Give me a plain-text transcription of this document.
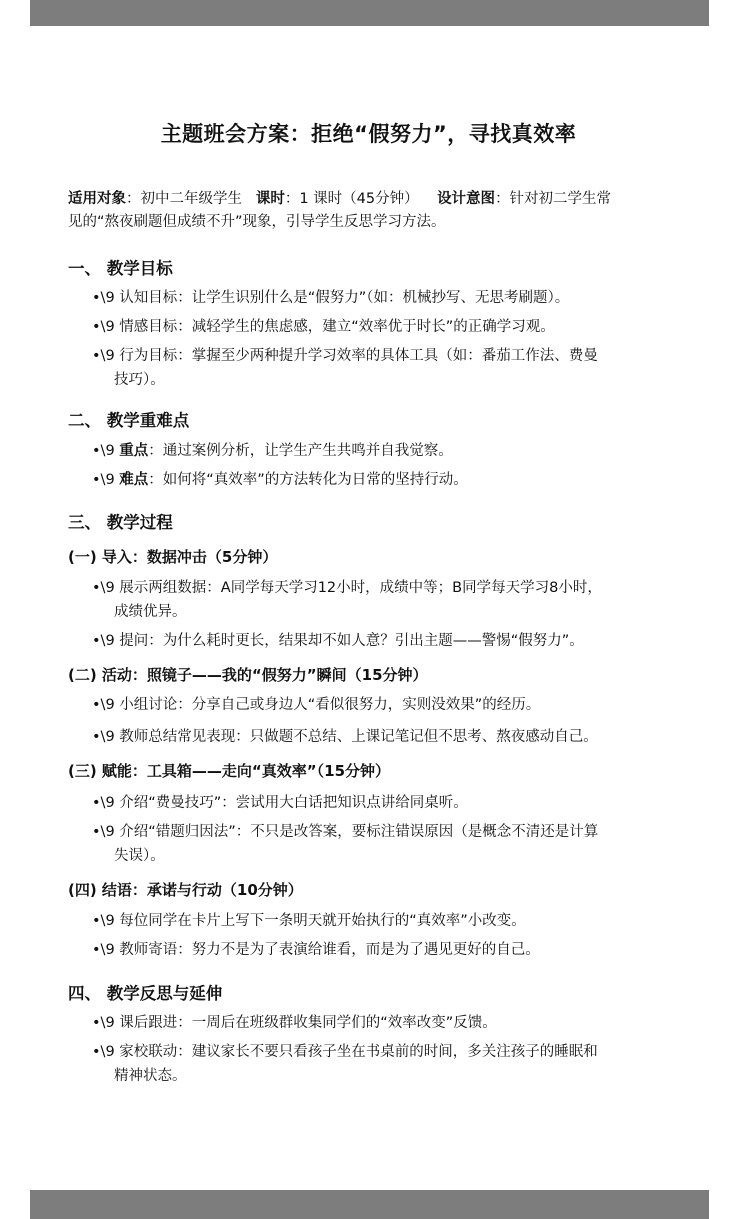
主题班会方案：拒绝“假努力”，寻找真效率
适用对象：初中二年级学生 课时：1 课时（45分钟） 设计意图：针对初二学生常
见的“熬夜刷题但成绩不升”现象，引导学生反思学习方法。
一、 教学目标
•\9 认知目标：让学生识别什么是“假努力”（如：机械抄写、无思考刷题）。
•\9 情感目标：减轻学生的焦虑感，建立“效率优于时长”的正确学习观。
•\9 行为目标：掌握至少两种提升学习效率的具体工具（如：番茄工作法、费曼
技巧）。
二、 教学重难点
•\9 重点：通过案例分析，让学生产生共鸣并自我觉察。
•\9 难点：如何将“真效率”的方法转化为日常的坚持行动。
三、 教学过程
(一) 导入：数据冲击（5分钟）
•\9 展示两组数据：A同学每天学习12小时，成绩中等；B同学每天学习8小时，
成绩优异。
•\9 提问：为什么耗时更长，结果却不如人意？引出主题——警惕“假努力”。
(二) 活动：照镜子——我的“假努力”瞬间（15分钟）
•\9 小组讨论：分享自己或身边人“看似很努力，实则没效果”的经历。
•\9 教师总结常见表现：只做题不总结、上课记笔记但不思考、熬夜感动自己。
(三) 赋能：工具箱——走向“真效率”（15分钟）
•\9 介绍“费曼技巧”：尝试用大白话把知识点讲给同桌听。
•\9 介绍“错题归因法”：不只是改答案，要标注错误原因（是概念不清还是计算
失误）。
(四) 结语：承诺与行动（10分钟）
•\9 每位同学在卡片上写下一条明天就开始执行的“真效率”小改变。
•\9 教师寄语：努力不是为了表演给谁看，而是为了遇见更好的自己。
四、 教学反思与延伸
•\9 课后跟进：一周后在班级群收集同学们的“效率改变”反馈。
•\9 家校联动：建议家长不要只看孩子坐在书桌前的时间，多关注孩子的睡眠和
精神状态。
